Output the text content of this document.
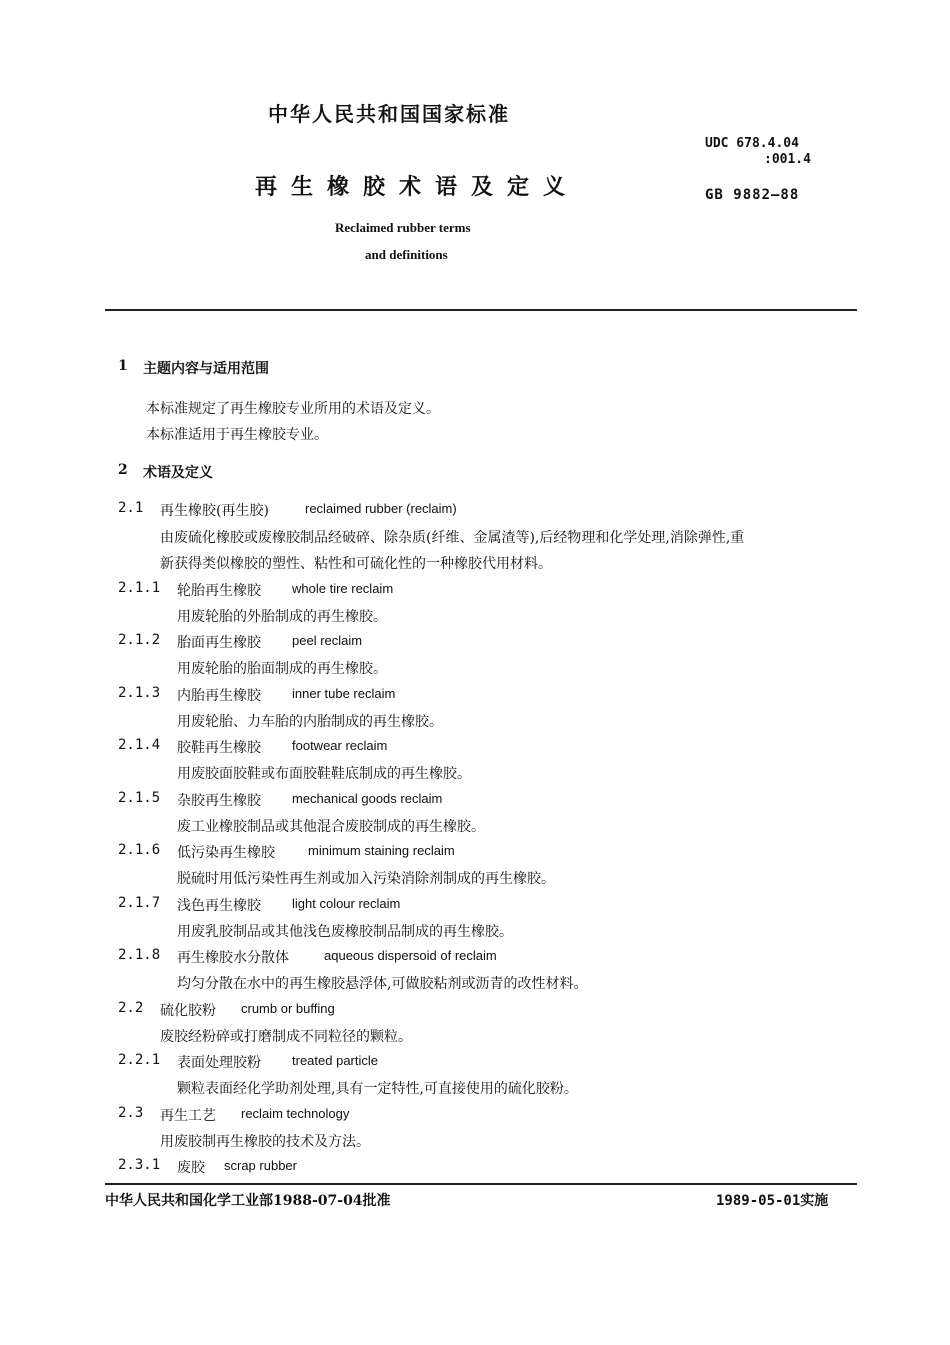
中华人民共和国国家标准
再生橡胶术语及定义
Reclaimed rubber terms
and definitions
UDC 678.4.04
:001.4
GB 9882—88
1 主题内容与适用范围
本标准规定了再生橡胶专业所用的术语及定义。
本标准适用于再生橡胶专业。
2 术语及定义
2.1 再生橡胶(再生胶)	reclaimed rubber (reclaim)
由废硫化橡胶或废橡胶制品经破碎、除杂质(纤维、金属渣等),后经物理和化学处理,消除弹性,重
新获得类似橡胶的塑性、粘性和可硫化性的一种橡胶代用材料。
2.1.1 轮胎再生橡胶 whole tire reclaim
用废轮胎的外胎制成的再生橡胶。
2.1.2 胎面再生橡胶 peel reclaim
用废轮胎的胎面制成的再生橡胶。
2.1.3 内胎再生橡胶 inner tube reclaim
用废轮胎、力车胎的内胎制成的再生橡胶。
2.1.4 胶鞋再生橡胶 footwear reclaim
用废胶面胶鞋或布面胶鞋鞋底制成的再生橡胶。
2.1.5 杂胶再生橡胶 mechanical goods reclaim
废工业橡胶制品或其他混合废胶制成的再生橡胶。
2.1.6 低污染再生橡胶	minimum staining reclaim
脱硫时用低污染性再生剂或加入污染消除剂制成的再生橡胶。
2.1.7 浅色再生橡胶 light colour reclaim
用废乳胶制品或其他浅色废橡胶制品制成的再生橡胶。
2.1.8 再生橡胶水分散体	aqueous dispersoid of reclaim
均匀分散在水中的再生橡胶悬浮体,可做胶粘剂或沥青的改性材料。
2.2 硫化胶粉 crumb or buffing
废胶经粉碎或打磨制成不同粒径的颗粒。
2.2.1 表面处理胶粉 treated particle
颗粒表面经化学助剂处理,具有一定特性,可直接使用的硫化胶粉。
2.3 再生工艺 reclaim technology
用废胶制再生橡胶的技术及方法。
2.3.1 废胶 scrap rubber
中华人民共和国化学工业部1988-07-04批准	1989-05-01实施
